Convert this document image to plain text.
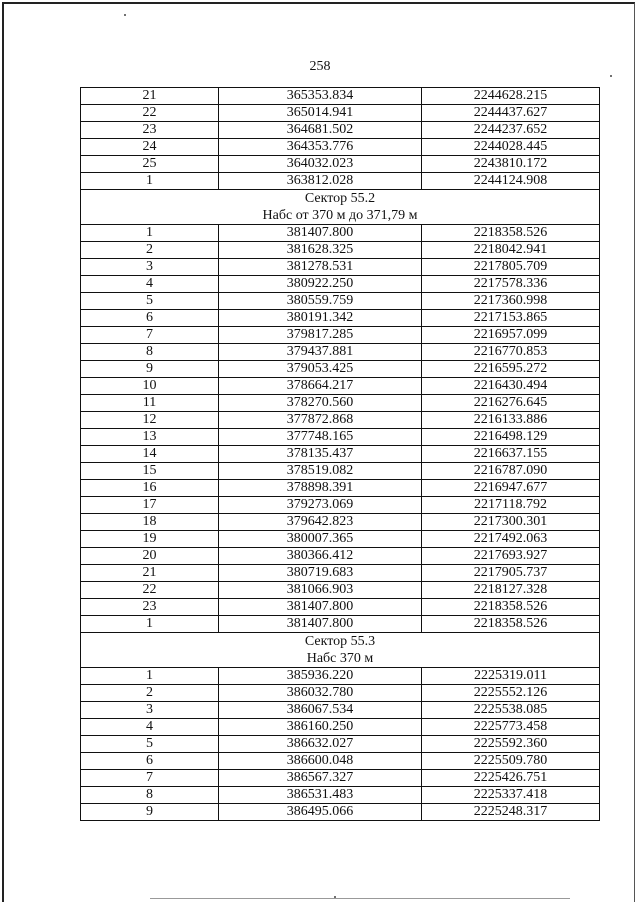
258
21	365353.834	2244628.215
22	365014.941	2244437.627
23	364681.502	2244237.652
24	364353.776	2244028.445
25	364032.023	2243810.172
1	363812.028	2244124.908
Сектор 55.2		
Набс от 370 м до 371,79 м		
1	381407.800	2218358.526
2	381628.325	2218042.941
3	381278.531	2217805.709
4	380922.250	2217578.336
5	380559.759	2217360.998
6	380191.342	2217153.865
7	379817.285	2216957.099
8	379437.881	2216770.853
9	379053.425	2216595.272
10	378664.217	2216430.494
11	378270.560	2216276.645
12	377872.868	2216133.886
13	377748.165	2216498.129
14	378135.437	2216637.155
15	378519.082	2216787.090
16	378898.391	2216947.677
17	379273.069	2217118.792
18	379642.823	2217300.301
19	380007.365	2217492.063
20	380366.412	2217693.927
21	380719.683	2217905.737
22	381066.903	2218127.328
23	381407.800	2218358.526
1	381407.800	2218358.526
Сектор 55.3		
Набс 370 м		
1	385936.220	2225319.011
2	386032.780	2225552.126
3	386067.534	2225538.085
4	386160.250	2225773.458
5	386632.027	2225592.360
6	386600.048	2225509.780
7	386567.327	2225426.751
8	386531.483	2225337.418
9	386495.066	2225248.317
